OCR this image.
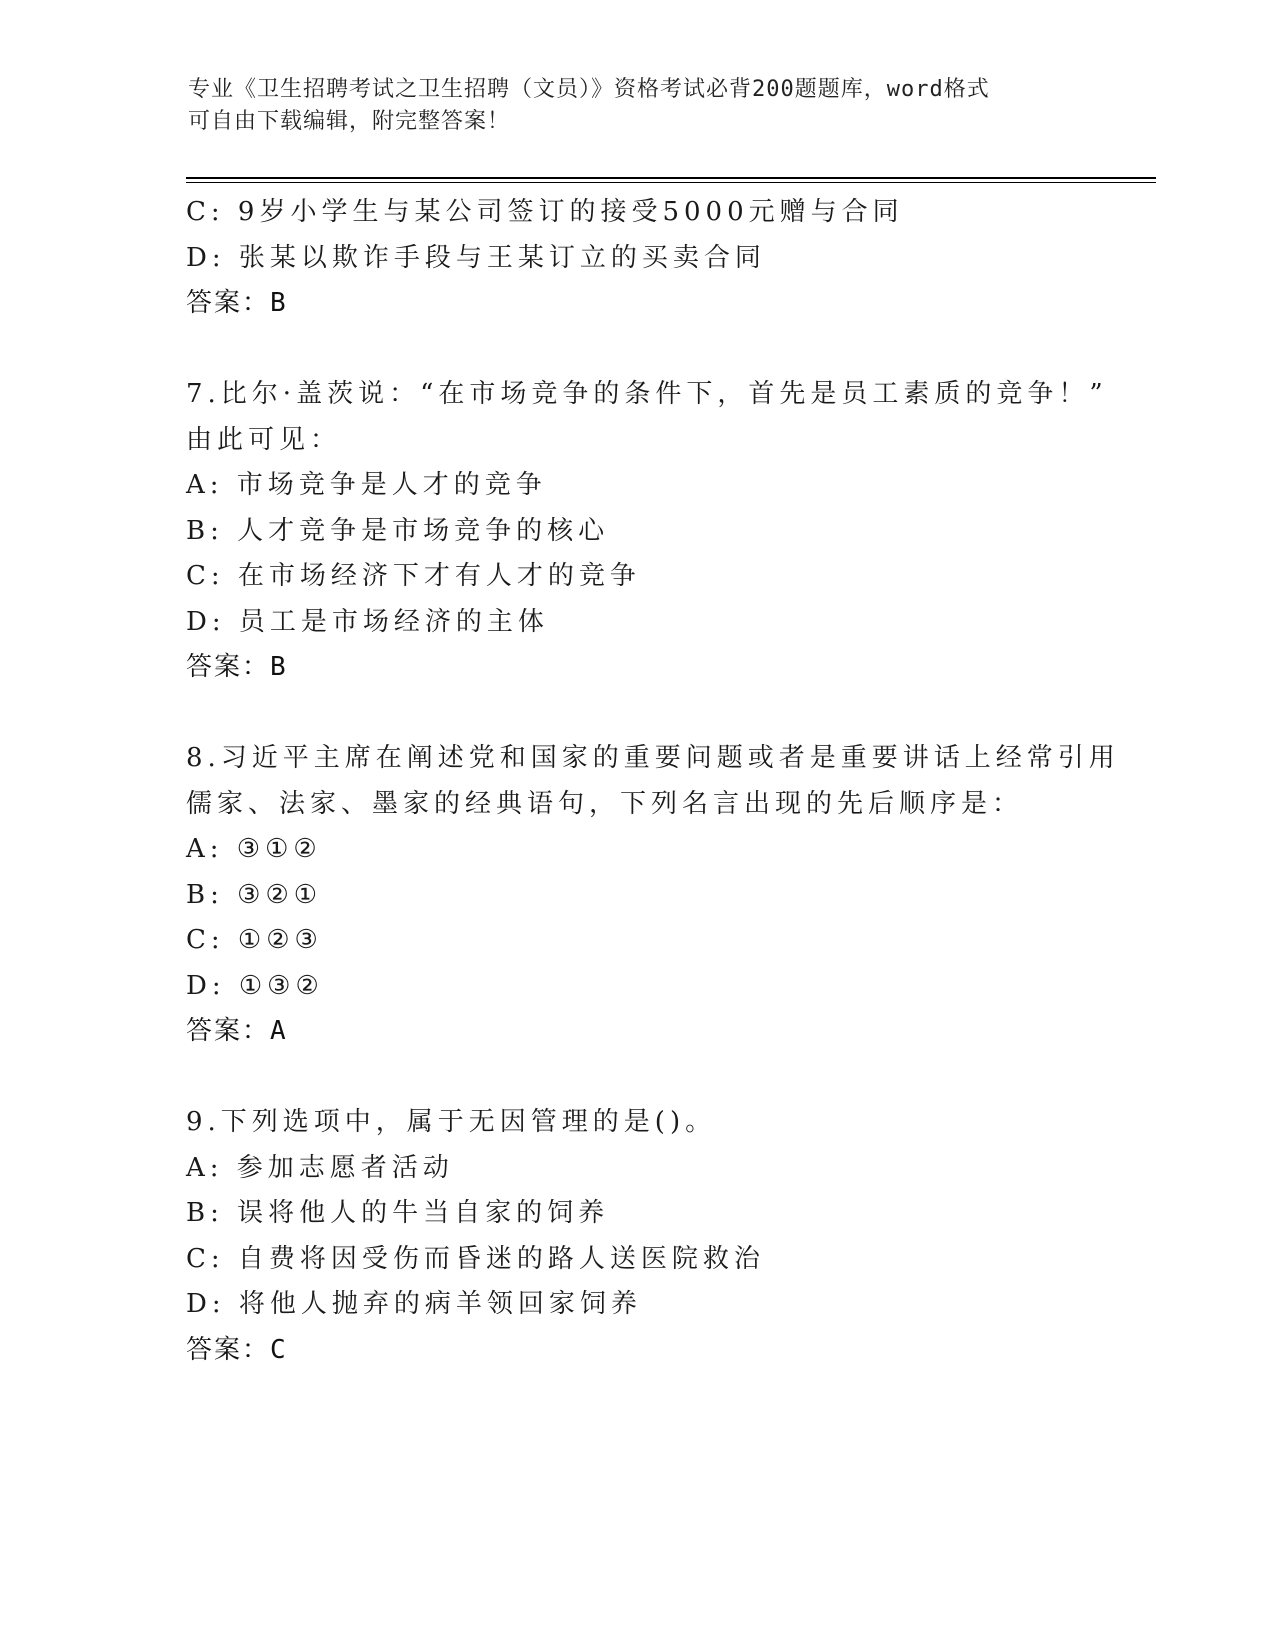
专业《卫生招聘考试之卫生招聘（文员）》资格考试必背200题题库，word格式
可自由下载编辑，附完整答案！
C: 9岁小学生与某公司签订的接受5000元赠与合同
D: 张某以欺诈手段与王某订立的买卖合同
答案：B
7.比尔·盖茨说：“在市场竞争的条件下，首先是员工素质的竞争！”
由此可见：
A: 市场竞争是人才的竞争
B: 人才竞争是市场竞争的核心
C: 在市场经济下才有人才的竞争
D: 员工是市场经济的主体
答案：B
8.习近平主席在阐述党和国家的重要问题或者是重要讲话上经常引用
儒家、法家、墨家的经典语句，下列名言出现的先后顺序是：
A: ③①②
B: ③②①
C: ①②③
D: ①③②
答案：A
9.下列选项中，属于无因管理的是()。
A: 参加志愿者活动
B: 误将他人的牛当自家的饲养
C: 自费将因受伤而昏迷的路人送医院救治
D: 将他人抛弃的病羊领回家饲养
答案：C
